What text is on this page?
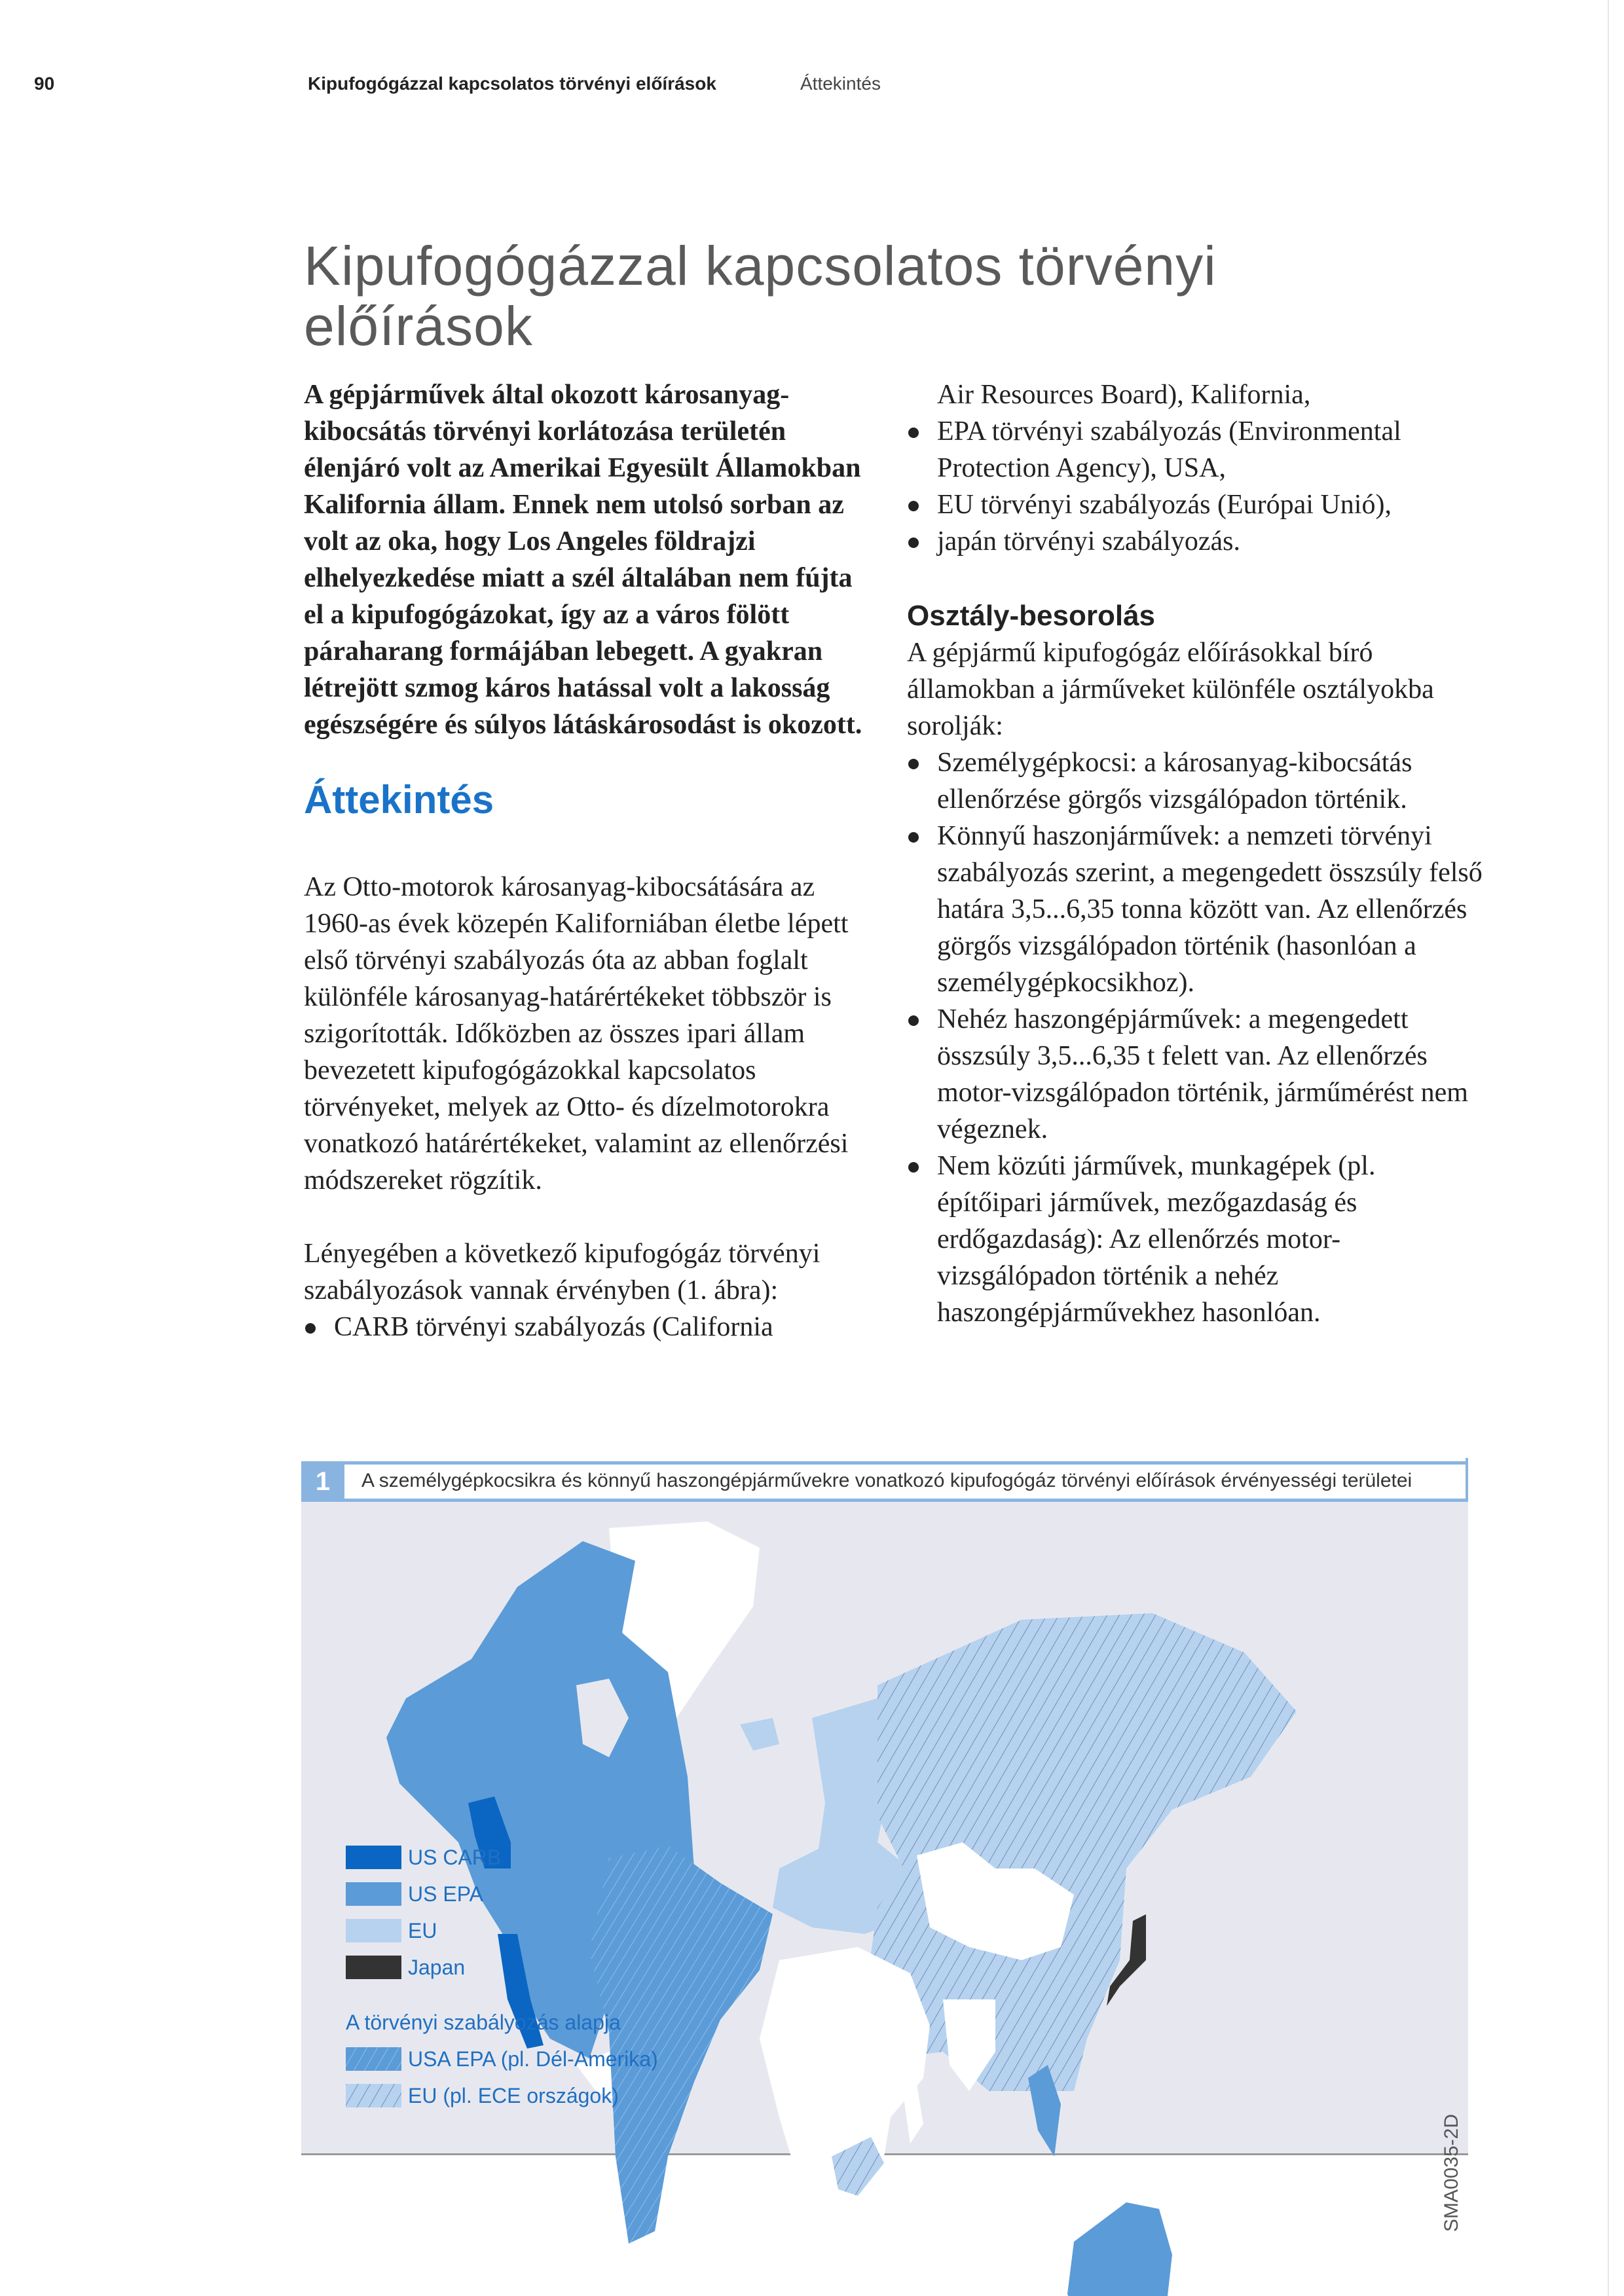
90	Kipufogógázzal kapcsolatos törvényi előírások	Áttekintés
Kipufogógázzal kapcsolatos törvényi előírások

A gépjárművek által okozott károsanyag-kibocsátás törvényi korlátozása területén élenjáró volt az Amerikai Egyesült Államokban Kalifornia állam. Ennek nem utolsó sorban az volt az oka, hogy Los Angeles földrajzi elhelyezkedése miatt a szél általában nem fújta el a kipufogógázokat, így az a város fölött páraharang formájában lebegett. A gyakran létrejött szmog káros hatással volt a lakosság egészségére és súlyos látáskárosodást is okozott.

Áttekintés

Az Otto-motorok károsanyag-kibocsátására az 1960-as évek közepén Kaliforniában életbe lépett első törvényi szabályozás óta az abban foglalt különféle károsanyag-határértékeket többször is szigorították. Időközben az összes ipari állam bevezetett kipufogógázokkal kapcsolatos törvényeket, melyek az Otto- és dízelmotorokra vonatkozó határértékeket, valamint az ellenőrzési módszereket rögzítik.

Lényegében a következő kipufogógáz törvényi szabályozások vannak érvényben (1. ábra):

CARB törvényi szabályozás (California
Air Resources Board), Kalifornia,
EPA törvényi szabályozás (Environmental Protection Agency), USA,
EU törvényi szabályozás (Európai Unió),
japán törvényi szabályozás.
Osztály-besorolás

A gépjármű kipufogógáz előírásokkal bíró államokban a járműveket különféle osztályokba sorolják:

Személygépkocsi: a károsanyag-kibocsátás ellenőrzése görgős vizsgálópadon történik.
Könnyű haszonjárművek: a nemzeti törvényi szabályozás szerint, a megengedett összsúly felső határa 3,5...6,35 tonna között van. Az ellenőrzés görgős vizsgálópadon történik (hasonlóan a személygépkocsikhoz).
Nehéz haszongépjárművek: a megengedett összsúly 3,5...6,35 t felett van. Az ellenőrzés motor-vizsgálópadon történik, járműmérést nem végeznek.
Nem közúti járművek, munkagépek (pl. építőipari járművek, mezőgazdaság és erdőgazdaság): Az ellenőrzés motor-vizsgálópadon történik a nehéz haszongépjárművekhez hasonlóan.
1	A személygépkocsikra és könnyű haszongépjárművekre vonatkozó kipufogógáz törvényi előírások érvényességi területei
US CARB
US EPA
EU
Japan
A törvényi szabályozás alapja
USA EPA (pl. Dél-Amerika)
EU (pl. ECE országok)
SMA0035-2D
